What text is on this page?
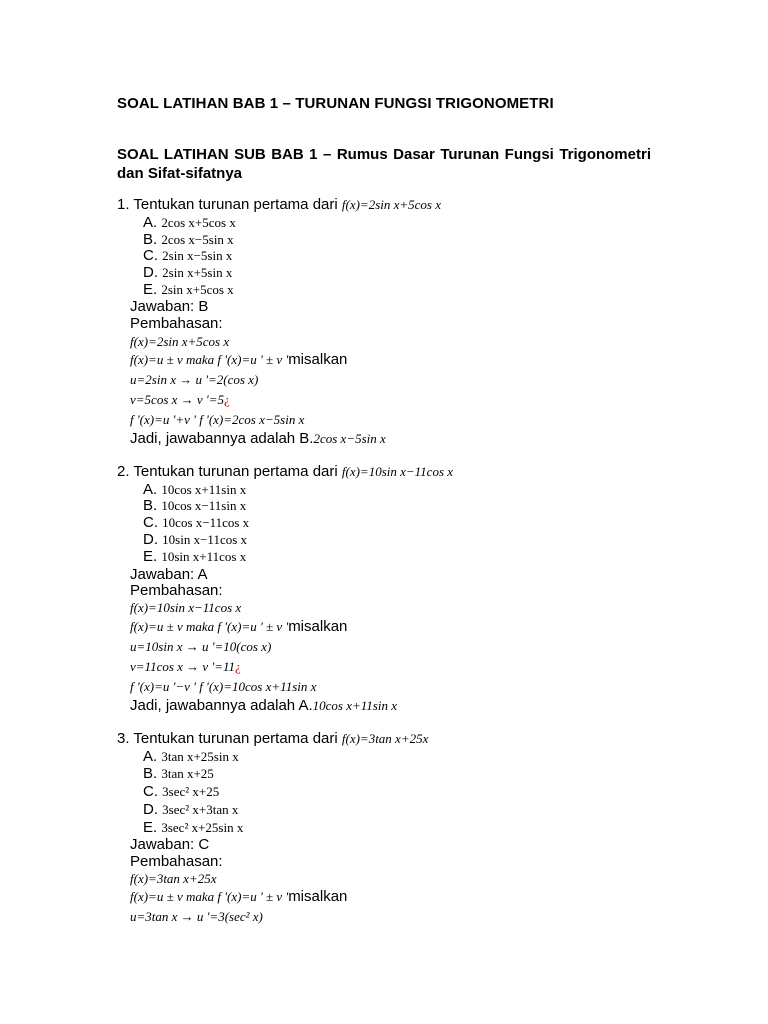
SOAL LATIHAN BAB 1 – TURUNAN FUNGSI TRIGONOMETRI
SOAL LATIHAN SUB BAB 1 – Rumus Dasar Turunan Fungsi Trigonometri dan Sifat-sifatnya
1. Tentukan turunan pertama dari f(x)=2sin x+5cos x
A. 2cos x+5cos x
B. 2cos x−5sin x
C. 2sin x−5sin x
D. 2sin x+5sin x
E. 2sin x+5cos x
Jawaban: B
Pembahasan:
f(x)=2sin x+5cos x
f(x)=u ± v maka f '(x)=u ' ± v 'misalkan
u=2sin x → u '=2(cos x)
v=5cos x → v '=5¿
f '(x)=u '+v ' f '(x)=2cos x−5sin x
Jadi, jawabannya adalah B.2cos x−5sin x
2. Tentukan turunan pertama dari f(x)=10sin x−11cos x
A. 10cos x+11sin x
B. 10cos x−11sin x
C. 10cos x−11cos x
D. 10sin x−11cos x
E. 10sin x+11cos x
Jawaban: A
Pembahasan:
f(x)=10sin x−11cos x
f(x)=u ± v maka f '(x)=u ' ± v 'misalkan
u=10sin x → u '=10(cos x)
v=11cos x → v '=11¿
f '(x)=u '−v ' f '(x)=10cos x+11sin x
Jadi, jawabannya adalah A.10cos x+11sin x
3. Tentukan turunan pertama dari f(x)=3tan x+25x
A. 3tan x+25sin x
B. 3tan x+25
C. 3sec² x+25
D. 3sec² x+3tan x
E. 3sec² x+25sin x
Jawaban: C
Pembahasan:
f(x)=3tan x+25x
f(x)=u ± v maka f '(x)=u ' ± v 'misalkan
u=3tan x → u '=3(sec² x)
